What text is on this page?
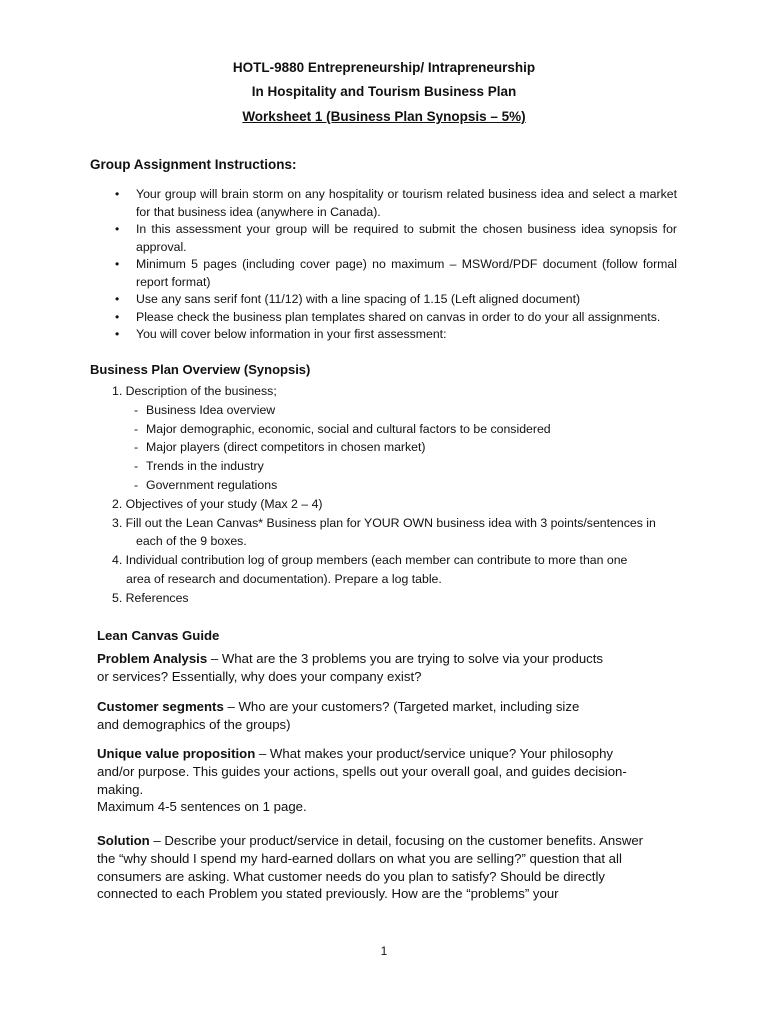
HOTL-9880 Entrepreneurship/ Intrapreneurship
In Hospitality and Tourism Business Plan
Worksheet 1 (Business Plan Synopsis – 5%)
Group Assignment Instructions:
• Your group will brain storm on any hospitality or tourism related business idea and select a market for that business idea (anywhere in Canada).
• In this assessment your group will be required to submit the chosen business idea synopsis for approval.
• Minimum 5 pages (including cover page) no maximum – MSWord/PDF document (follow formal report format)
• Use any sans serif font (11/12) with a line spacing of 1.15 (Left aligned document)
• Please check the business plan templates shared on canvas in order to do your all assignments.
• You will cover below information in your first assessment:
Business Plan Overview (Synopsis)
1. Description of the business;
- Business Idea overview
- Major demographic, economic, social and cultural factors to be considered
- Major players (direct competitors in chosen market)
- Trends in the industry
- Government regulations
2. Objectives of your study (Max 2 – 4)
3. Fill out the Lean Canvas* Business plan for YOUR OWN business idea with 3 points/sentences in
each of the 9 boxes.
4. Individual contribution log of group members (each member can contribute to more than one
area of research and documentation). Prepare a log table.
5. References
Lean Canvas Guide
Problem Analysis – What are the 3 problems you are trying to solve via your products
or services? Essentially, why does your company exist?
Customer segments – Who are your customers? (Targeted market, including size
and demographics of the groups)
Unique value proposition – What makes your product/service unique? Your philosophy
and/or purpose. This guides your actions, spells out your overall goal, and guides decision-
making.
Maximum 4-5 sentences on 1 page.
Solution – Describe your product/service in detail, focusing on the customer benefits. Answer
the “why should I spend my hard-earned dollars on what you are selling?” question that all
consumers are asking. What customer needs do you plan to satisfy? Should be directly
connected to each Problem you stated previously. How are the “problems” your
1
